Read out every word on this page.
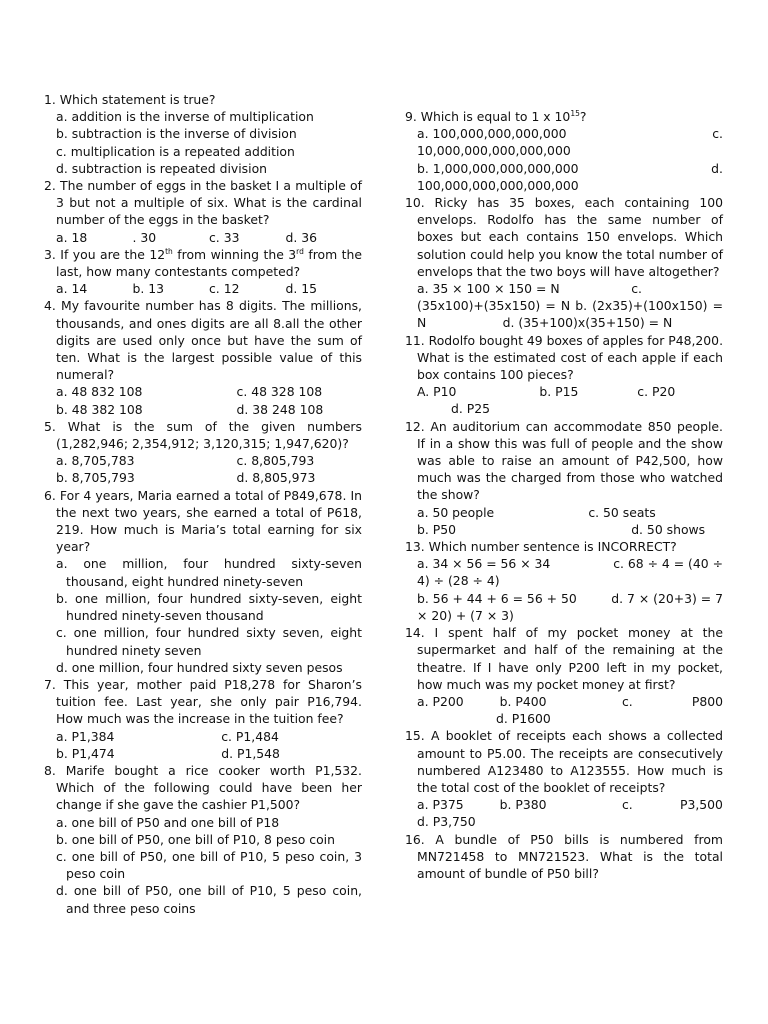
1. Which statement is true?
a. addition is the inverse of multiplication
b. subtraction is the inverse of division
c. multiplication is a repeated addition
d. subtraction is repeated division
2. The number of eggs in the basket I a multiple of 3 but not a multiple of six. What is the cardinal number of the eggs in the basket?
a. 18	. 30	c. 33	d. 36
3. If you are the 12th from winning the 3rd from the last, how many contestants competed?
a. 14	b. 13	c. 12	d. 15
4. My favourite number has 8 digits. The millions, thousands, and ones digits are all 8.all the other digits are used only once but have the sum of ten. What is the largest possible value of this numeral?
a. 48 832 108	c. 48 328 108
b. 48 382 108	d. 38 248 108
5. What is the sum of the given numbers (1,282,946; 2,354,912; 3,120,315; 1,947,620)?
a. 8,705,783	c. 8,805,793
b. 8,705,793	d. 8,805,973
6. For 4 years, Maria earned a total of P849,678. In the next two years, she earned a total of P618, 219. How much is Maria’s total earning for six year?
a. one million, four hundred sixty-seven thousand, eight hundred ninety-seven
b. one million, four hundred sixty-seven, eight hundred ninety-seven thousand
c. one million, four hundred sixty seven, eight hundred ninety seven
d. one million, four hundred sixty seven pesos
7. This year, mother paid P18,278 for Sharon’s tuition fee. Last year, she only pair P16,794. How much was the increase in the tuition fee?
a. P1,384	c. P1,484
b. P1,474	d. P1,548
8. Marife bought a rice cooker worth P1,532. Which of the following could have been her change if she gave the cashier P1,500?
a. one bill of P50 and one bill of P18
b. one bill of P50, one bill of P10, 8 peso coin
c. one bill of P50, one bill of P10, 5 peso coin, 3 peso coin
d. one bill of P50, one bill of P10, 5 peso coin, and three peso coins
9. Which is equal to 1 x $10^{15}$?
a. 100,000,000,000,000	c.
10,000,000,000,000,000
b. 1,000,000,000,000,000	d.
100,000,000,000,000,000
10. Ricky has 35 boxes, each containing 100 envelops. Rodolfo has the same number of boxes but each contains 150 envelops. Which solution could help you know the total number of envelops that the two boys will have altogether?
a. 35 × 100 × 150 = N	c.
(35x100)+(35x150) = N b. (2x35)+(100x150) =
N	d. (35+100)x(35+150) = N
11. Rodolfo bought 49 boxes of apples for P48,200. What is the estimated cost of each apple if each box contains 100 pieces?
A. P10	b. P15	c. P20
d. P25
12. An auditorium can accommodate 850 people. If in a show this was full of people and the show was able to raise an amount of P42,500, how much was the charged from those who watched the show?
a. 50 people	c. 50 seats
b. P50	d. 50 shows
13. Which number sentence is INCORRECT?
a. 34 × 56 = 56 × 34	c. 68 ÷ 4 = (40 ÷
4) ÷ (28 ÷ 4)
b. 56 + 44 + 6 = 56 + 50	d. 7 × (20+3) = 7
× 20) + (7 × 3)
14. I spent half of my pocket money at the supermarket and half of the remaining at the theatre. If I have only P200 left in my pocket, how much was my pocket money at first?
a. P200	b. P400	c.	P800
d. P1600
15. A booklet of receipts each shows a collected amount to P5.00. The receipts are consecutively numbered A123480 to A123555. How much is the total cost of the booklet of receipts?
a. P375	b. P380	c.	P3,500
d. P3,750
16. A bundle of P50 bills is numbered from MN721458 to MN721523. What is the total amount of bundle of P50 bill?
